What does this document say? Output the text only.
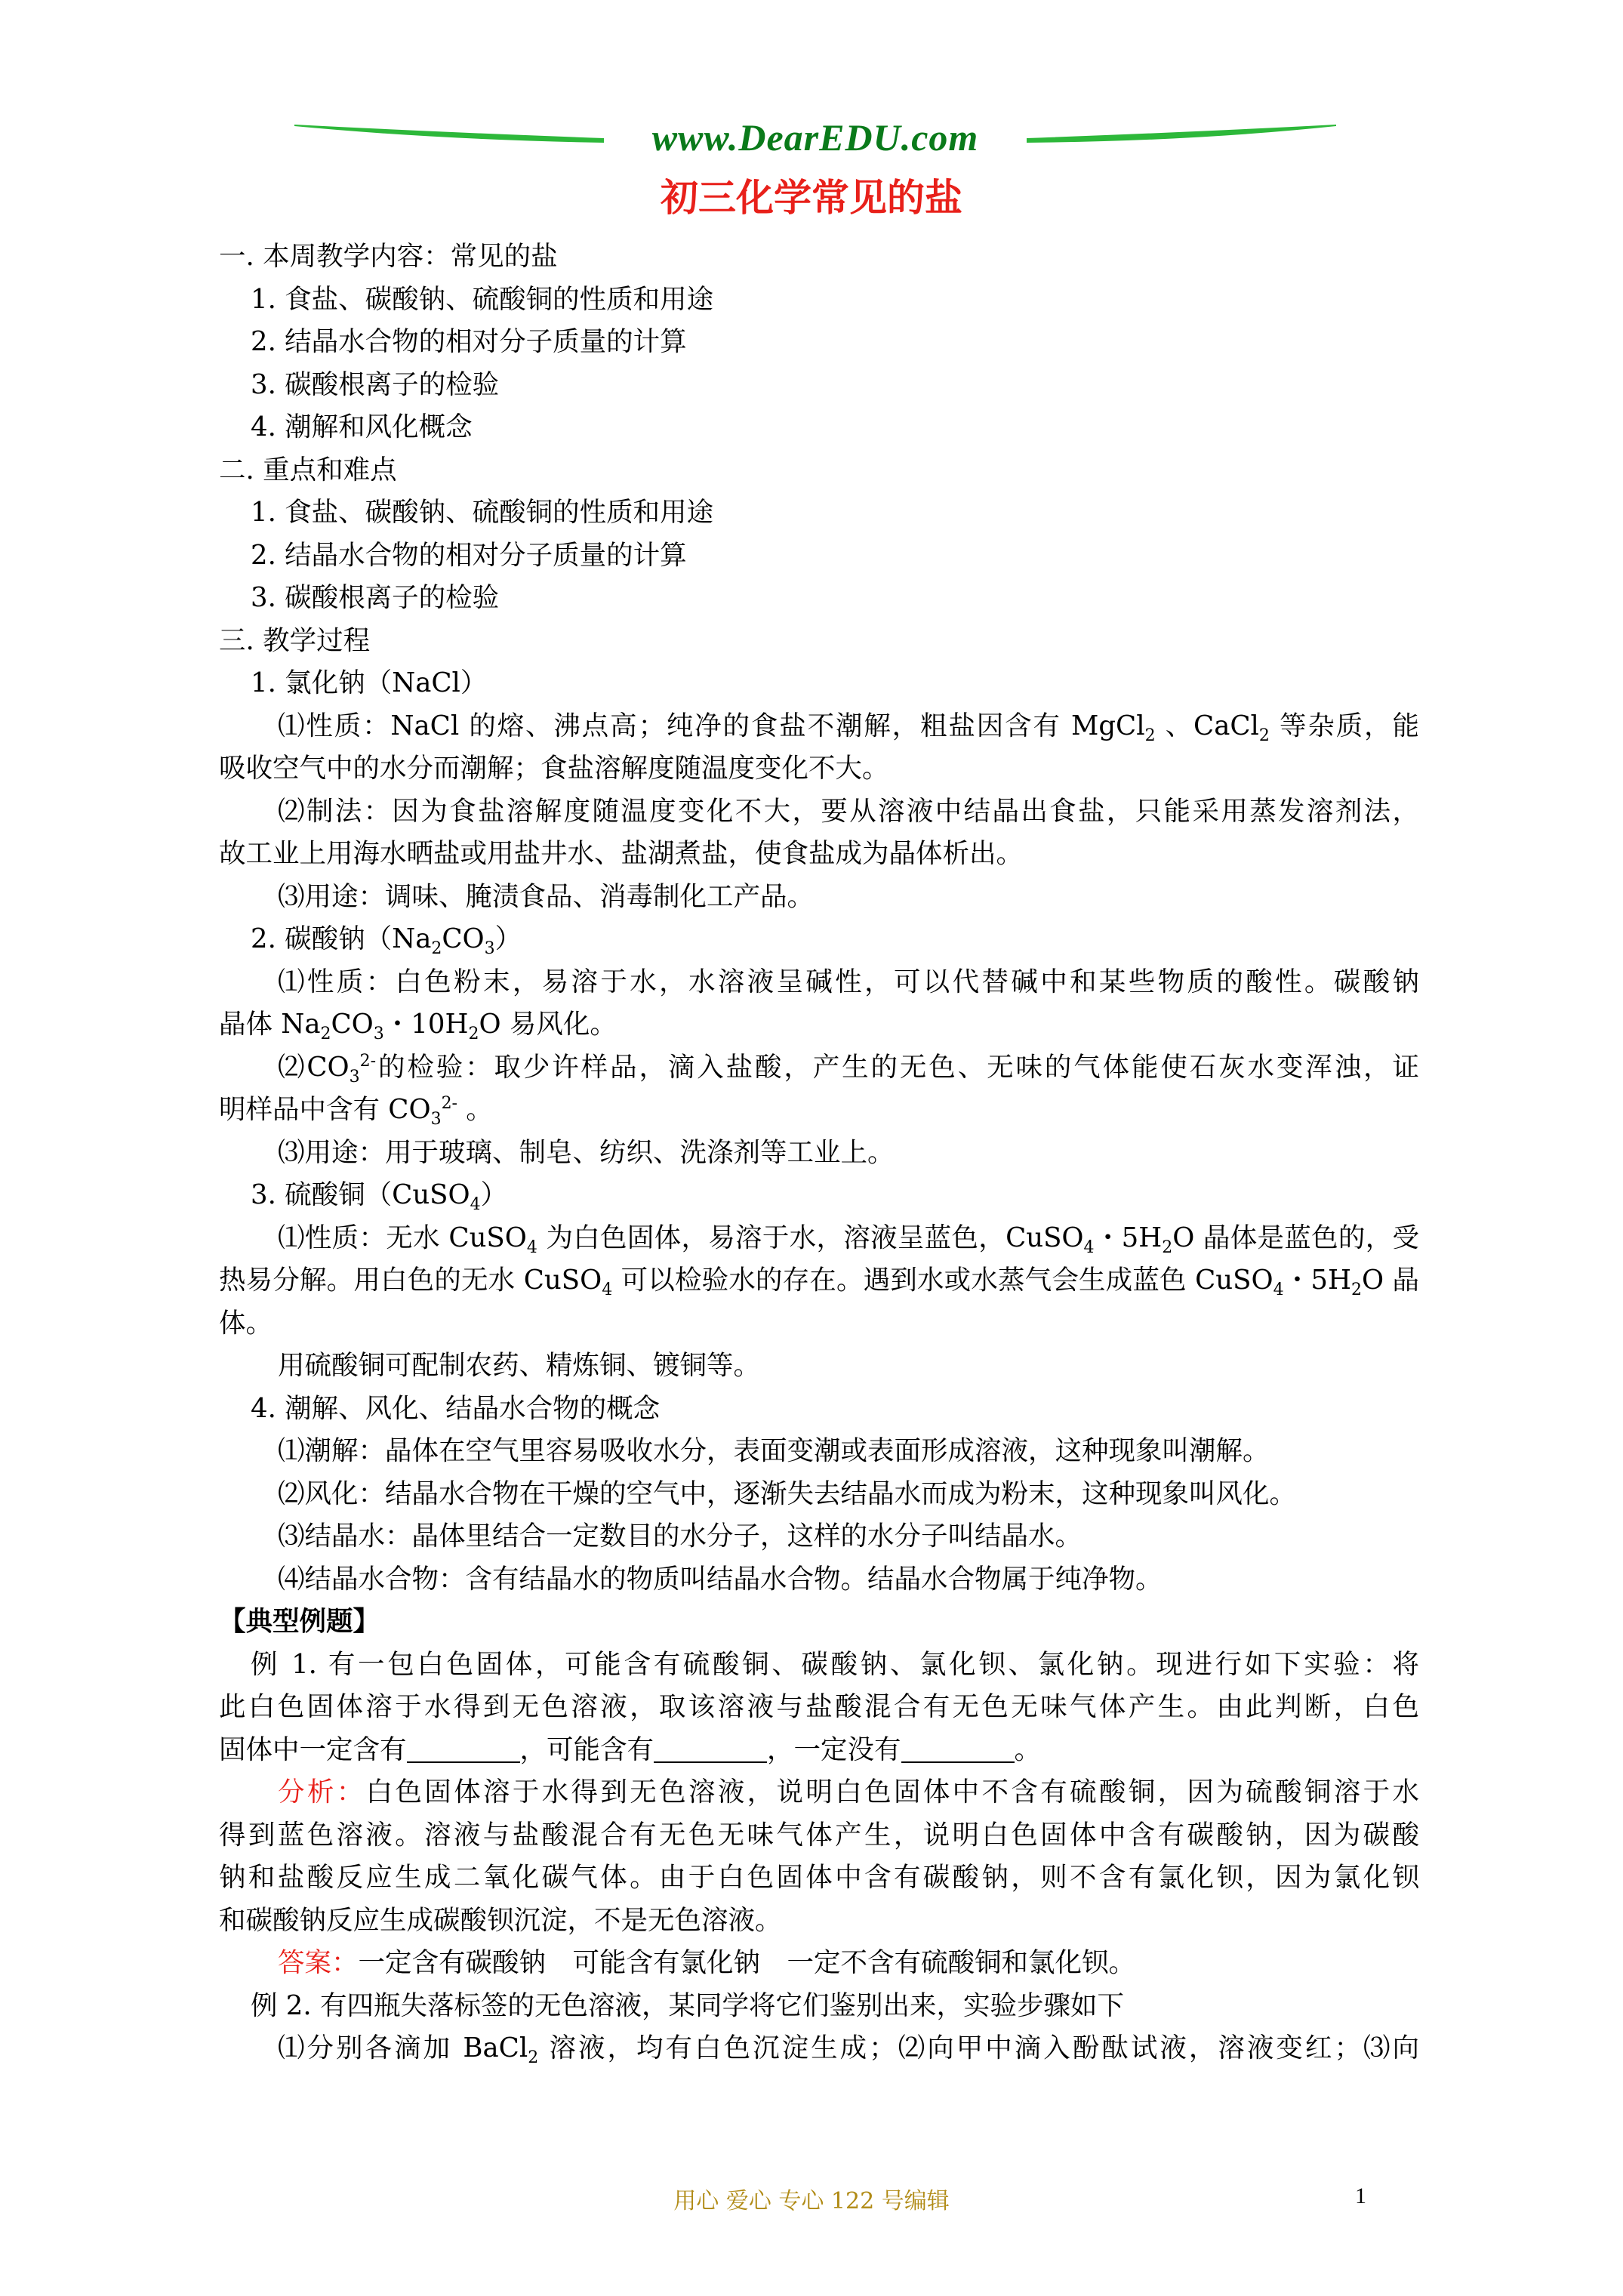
www.DearEDU.com
初三化学常见的盐
一. 本周教学内容：常见的盐
1. 食盐、碳酸钠、硫酸铜的性质和用途
2. 结晶水合物的相对分子质量的计算
3. 碳酸根离子的检验
4. 潮解和风化概念
二. 重点和难点
1. 食盐、碳酸钠、硫酸铜的性质和用途
2. 结晶水合物的相对分子质量的计算
3. 碳酸根离子的检验
三. 教学过程
1. 氯化钠（NaCl）
⑴性质：NaCl 的熔、沸点高；纯净的食盐不潮解，粗盐因含有 MgCl$_2$ 、CaCl$_2$ 等杂质，能
吸收空气中的水分而潮解；食盐溶解度随温度变化不大。
⑵制法：因为食盐溶解度随温度变化不大，要从溶液中结晶出食盐，只能采用蒸发溶剂法，
故工业上用海水晒盐或用盐井水、盐湖煮盐，使食盐成为晶体析出。
⑶用途：调味、腌渍食品、消毒制化工产品。
2. 碳酸钠$(Na_2CO_3)$
⑴性质：白色粉末，易溶于水，水溶液呈碱性，可以代替碱中和某些物质的酸性。碳酸钠
晶体 $Na_2CO_3$・$10H_2O$ 易风化。
$⑵CO_3^{2-}$的检验：取少许样品，滴入盐酸，产生的无色、无味的气体能使石灰水变浑浊，证
明样品中含有 $CO_3^{2-}$ 。
⑶用途：用于玻璃、制皂、纺织、洗涤剂等工业上。
3. 硫酸铜（CuSO$_4$）
⑴性质：无水 CuSO$_4$ 为白色固体，易溶于水，溶液呈蓝色，CuSO$_4$・$5H_2O$ 晶体是蓝色的，受
热易分解。用白色的无水 CuSO$_4$ 可以检验水的存在。遇到水或水蒸气会生成蓝色 CuSO$_4$・$5H_2O$ 晶
体。
用硫酸铜可配制农药、精炼铜、镀铜等。
4. 潮解、风化、结晶水合物的概念
⑴潮解：晶体在空气里容易吸收水分，表面变潮或表面形成溶液，这种现象叫潮解。
⑵风化：结晶水合物在干燥的空气中，逐渐失去结晶水而成为粉末，这种现象叫风化。
⑶结晶水：晶体里结合一定数目的水分子，这样的水分子叫结晶水。
⑷结晶水合物：含有结晶水的物质叫结晶水合物。结晶水合物属于纯净物。
【典型例题】
例 1. 有一包白色固体，可能含有硫酸铜、碳酸钠、氯化钡、氯化钠。现进行如下实验：将
此白色固体溶于水得到无色溶液，取该溶液与盐酸混合有无色无味气体产生。由此判断，白色
固体中一定含有	，可能含有	，一定没有	。
分析：白色固体溶于水得到无色溶液，说明白色固体中不含有硫酸铜，因为硫酸铜溶于水
得到蓝色溶液。溶液与盐酸混合有无色无味气体产生，说明白色固体中含有碳酸钠，因为碳酸
钠和盐酸反应生成二氧化碳气体。由于白色固体中含有碳酸钠，则不含有氯化钡，因为氯化钡
和碳酸钠反应生成碳酸钡沉淀，不是无色溶液。
答案：一定含有碳酸钠　可能含有氯化钠　一定不含有硫酸铜和氯化钡。
例 2. 有四瓶失落标签的无色溶液，某同学将它们鉴别出来，实验步骤如下
⑴分别各滴加 BaCl$_2$ 溶液，均有白色沉淀生成；⑵向甲中滴入酚酞试液，溶液变红；⑶向
用心 爱心 专心 122 号编辑	1
